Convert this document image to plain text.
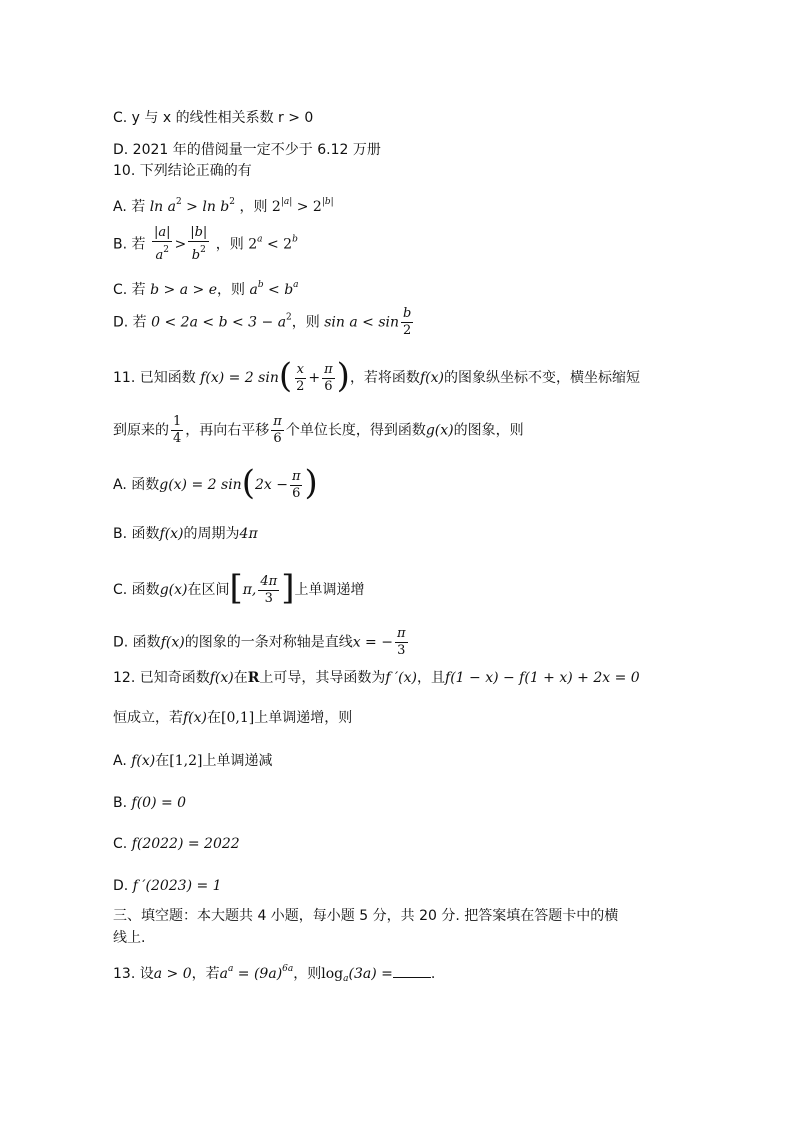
C. y 与 x 的线性相关系数 r > 0
D. 2021 年的借阅量一定不少于 6.12 万册
10. 下列结论正确的有
A. 若 $\ln a^2 > \ln b^2$ ，则 $2^{|a|} > 2^{|b|}$
B. 若 $\frac{|a|}{a^2} > \frac{|b|}{b^2}$ ，则 $2^a < 2^b$
C. 若 b > a > e，则 $a^b < b^a$
D. 若 $0 < 2a < b < 3 - a^2$，则 $\sin a < \sin \frac{b}{2}$
11. 已知函数 f(x) = 2 $\sin( \frac{x}{2} + \frac{\pi}{6}$ )，若将函数f(x)的图象纵坐标不变，横坐标缩短
到原来的 $\frac{1}{4}$ ，再向右平移 $\frac{\pi}{6}$ 个单位长度，得到函数g(x)的图象，则
A. 函数g(x) = 2 $\sin(2x - \frac{\pi}{6}$ )
B. 函数f(x)的周期为4π
C. 函数g(x)在区间[π, $\frac{4\pi}{3}$ ]上单调递增
D. 函数f(x)的图象的一条对称轴是直线x = − $\frac{\pi}{3}$
12. 已知奇函数f(x)在R上可导，其导函数为f ′(x)，且f(1 − x) − f(1 + x) + 2x = 0
恒成立，若f(x)在[0,1]上单调递增，则
A. f(x)在[1,2]上单调递减
B. f(0) = 0
C. f(2022) = 2022
D. f ′(2023) = 1
三、填空题：本大题共 4 小题，每小题 5 分，共 20 分. 把答案填在答题卡中的横
线上.
13. 设a > 0，若$a^a = (9a)^{6a}$，则$\log_a(3a)$ =	.
